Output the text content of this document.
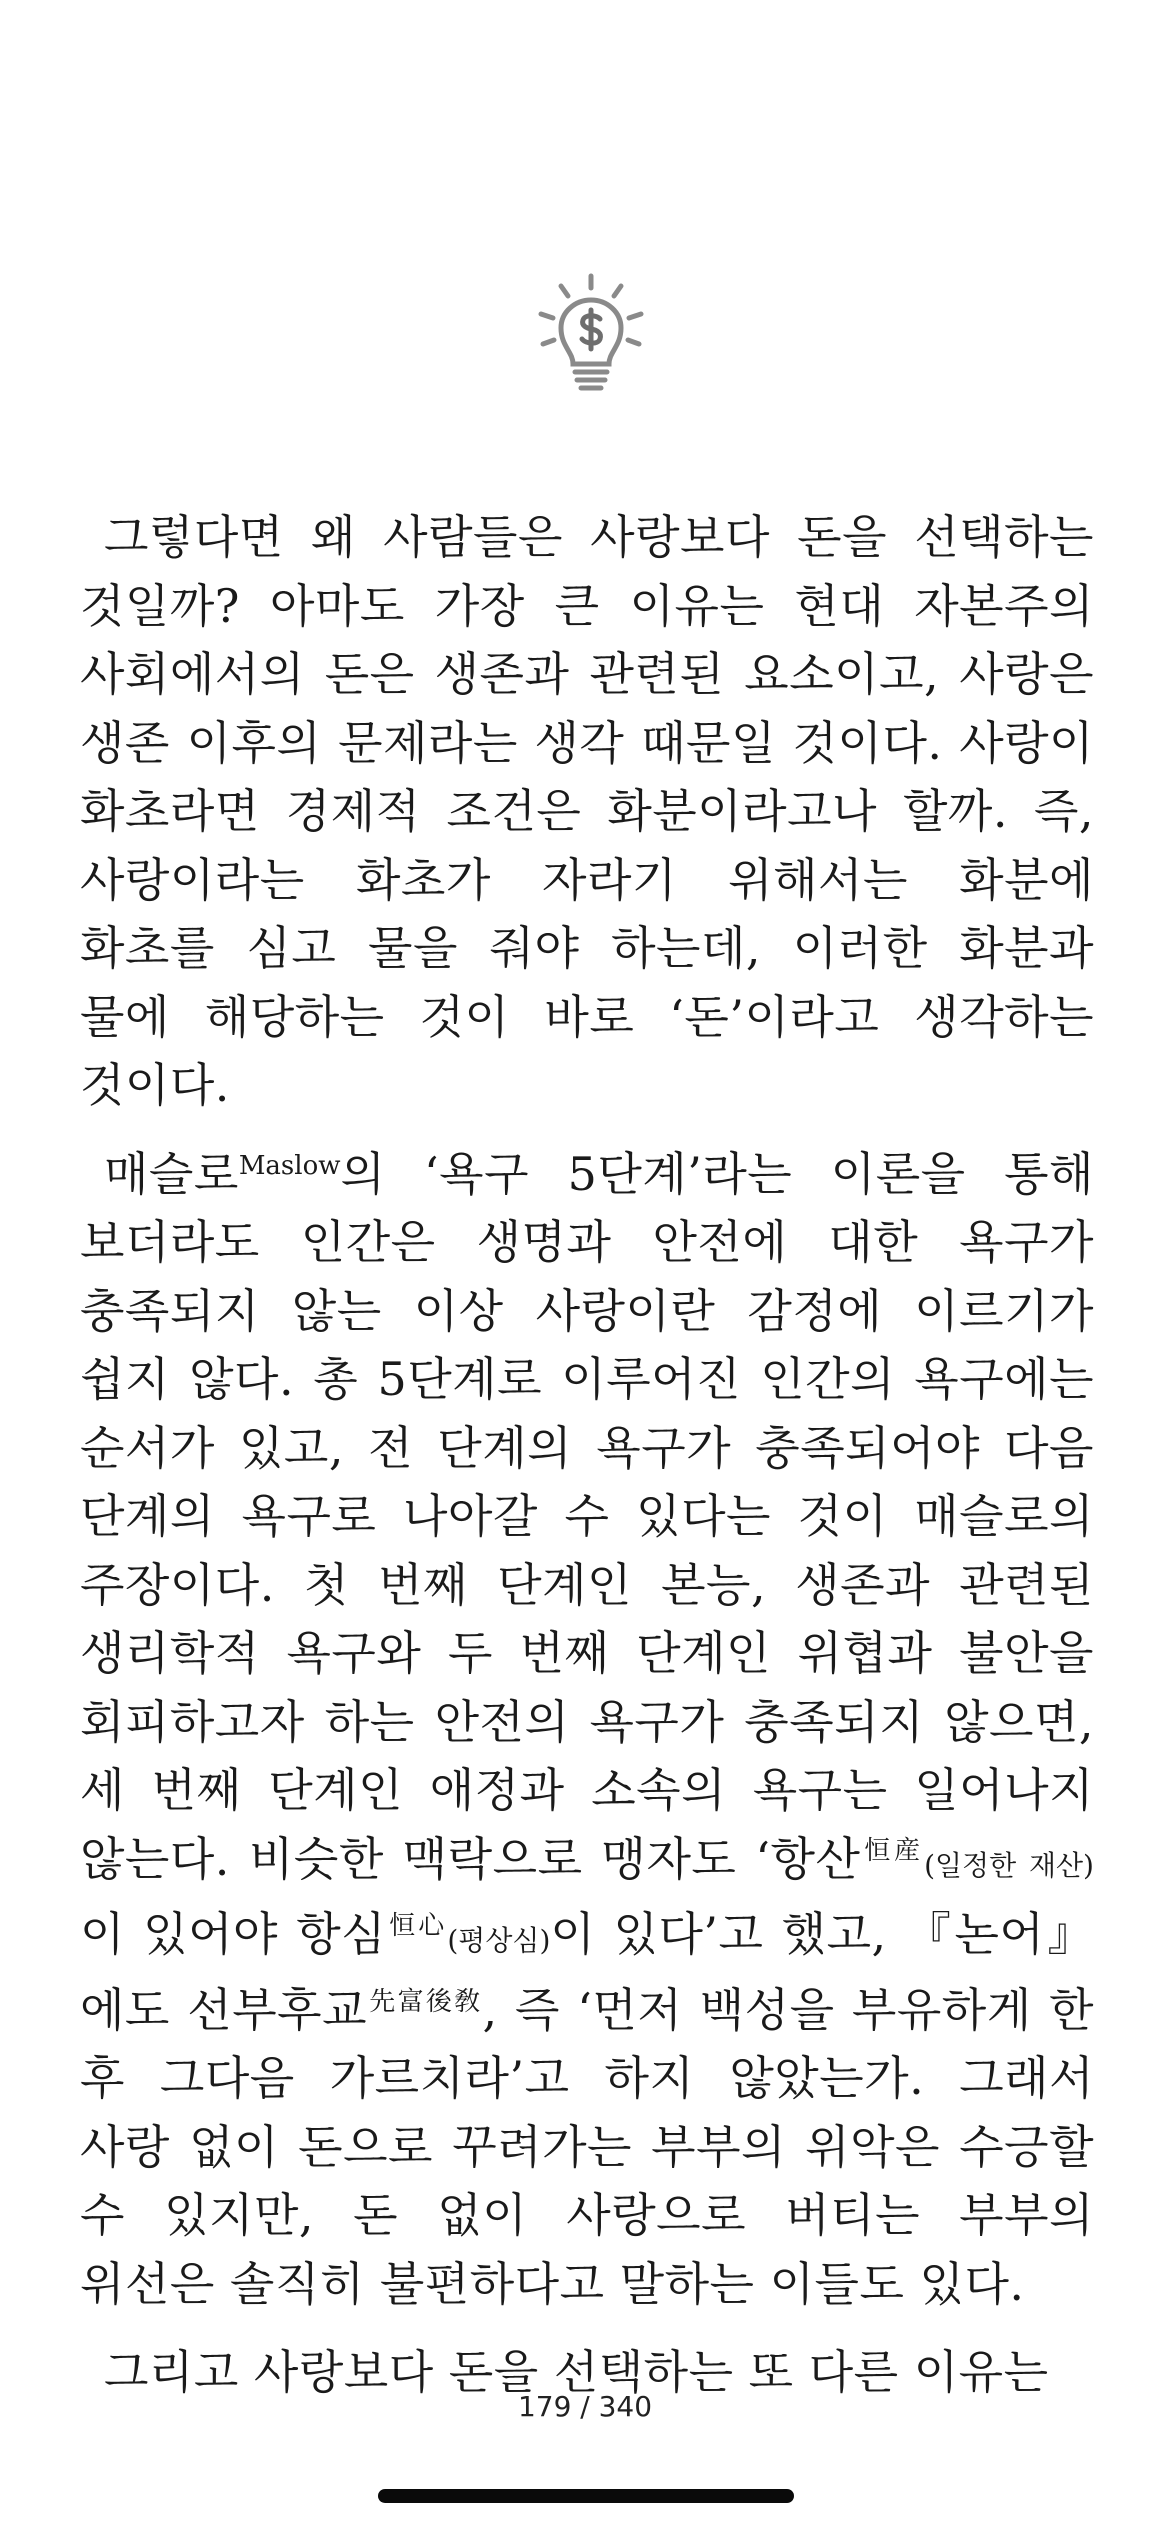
그렇다면 왜 사람들은 사랑보다 돈을 선택하는 것일까? 아마도 가장 큰 이유는 현대 자본주의 사회에서의 돈은 생존과 관련된 요소이고, 사랑은 생존 이후의 문제라는 생각 때문일 것이다. 사랑이 화초라면 경제적 조건은 화분이라고나 할까. 즉, 사랑이라는 화초가 자라기 위해서는 화분에 화초를 심고 물을 줘야 하는데, 이러한 화분과 물에 해당하는 것이 바로 ‘돈’이라고 생각하는 것이다.

매슬로$^{Maslow}$의 ‘욕구 5단계’라는 이론을 통해 보더라도 인간은 생명과 안전에 대한 욕구가 충족되지 않는 이상 사랑이란 감정에 이르기가 쉽지 않다. 총 5단계로 이루어진 인간의 욕구에는 순서가 있고, 전 단계의 욕구가 충족되어야 다음 단계의 욕구로 나아갈 수 있다는 것이 매슬로의 주장이다. 첫 번째 단계인 본능, 생존과 관련된 생리학적 욕구와 두 번째 단계인 위협과 불안을 회피하고자 하는 안전의 욕구가 충족되지 않으면, 세 번째 단계인 애정과 소속의 욕구는 일어나지 않는다. 비슷한 맥락으로 맹자도 ‘항산$^{恒産}$(일정한 재산)이 있어야 항심$^{恒心}$(평상심)이 있다’고 했고, 『논어』에도 선부후교$^{先富後敎}$, 즉 ‘먼저 백성을 부유하게 한 후 그다음 가르치라’고 하지 않았는가. 그래서 사랑 없이 돈으로 꾸려가는 부부의 위악은 수긍할 수 있지만, 돈 없이 사랑으로 버티는 부부의 위선은 솔직히 불편하다고 말하는 이들도 있다.

그리고 사랑보다 돈을 선택하는 또 다른 이유는

179 / 340
